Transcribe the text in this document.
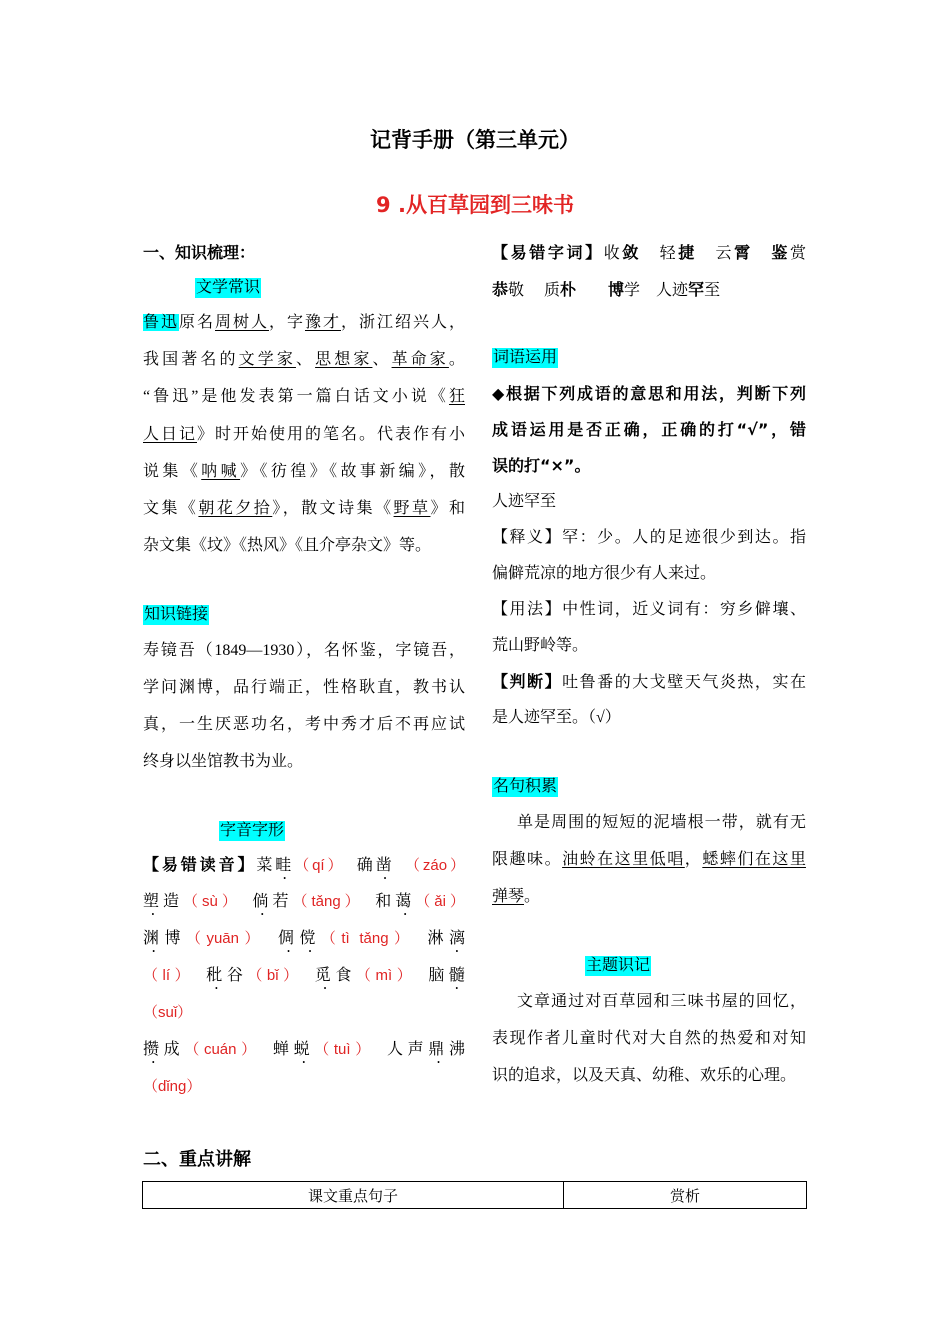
记背手册（第三单元）
9 .从百草园到三味书
一、知识梳理：
文学常识
鲁迅原名周树人，字豫才，浙江绍兴人，
我国著名的文学家、思想家、革命家。
“鲁迅”是他发表第一篇白话文小说《狂
人日记》时开始使用的笔名。代表作有小
说集《呐喊》《彷徨》《故事新编》，散
文集《朝花夕拾》，散文诗集《野草》和
杂文集《坟》《热风》《且介亭杂文》等。
知识链接
寿镜吾（1849—1930），名怀鉴，字镜吾，
学问渊博，品行端正，性格耿直，教书认
真，一生厌恶功名，考中秀才后不再应试
终身以坐馆教书为业。
字音字形
【易错读音】菜畦（qí）　确凿　（záo）
塑造（sù）　倘若（tǎng）　和蔼（ǎi）
渊博（yuān）　倜傥（tì tǎng）　淋漓
（lí）　秕谷（bǐ）　觅食（mì）　脑髓
（suǐ）
攒成（cuán）　蝉蜕（tuì）　人声鼎沸
（dǐng）
【易错字词】收敛　轻捷　云霄　鉴赏
恭敬　 质朴　　博学　人迹罕至
词语运用
◆根据下列成语的意思和用法，判断下列
成语运用是否正确，正确的打“√”，错
误的打“×”。
人迹罕至
【释义】罕：少。人的足迹很少到达。指
偏僻荒凉的地方很少有人来过。
【用法】中性词，近义词有：穷乡僻壤、
荒山野岭等。
【判断】吐鲁番的大戈壁天气炎热，实在
是人迹罕至。（√）
名句积累
单是周围的短短的泥墙根一带，就有无
限趣味。油蛉在这里低唱，蟋蟀们在这里
弹琴。
主题识记
文章通过对百草园和三味书屋的回忆，
表现作者儿童时代对大自然的热爱和对知
识的追求，以及天真、幼稚、欢乐的心理。
二、重点讲解
课文重点句子	赏析
